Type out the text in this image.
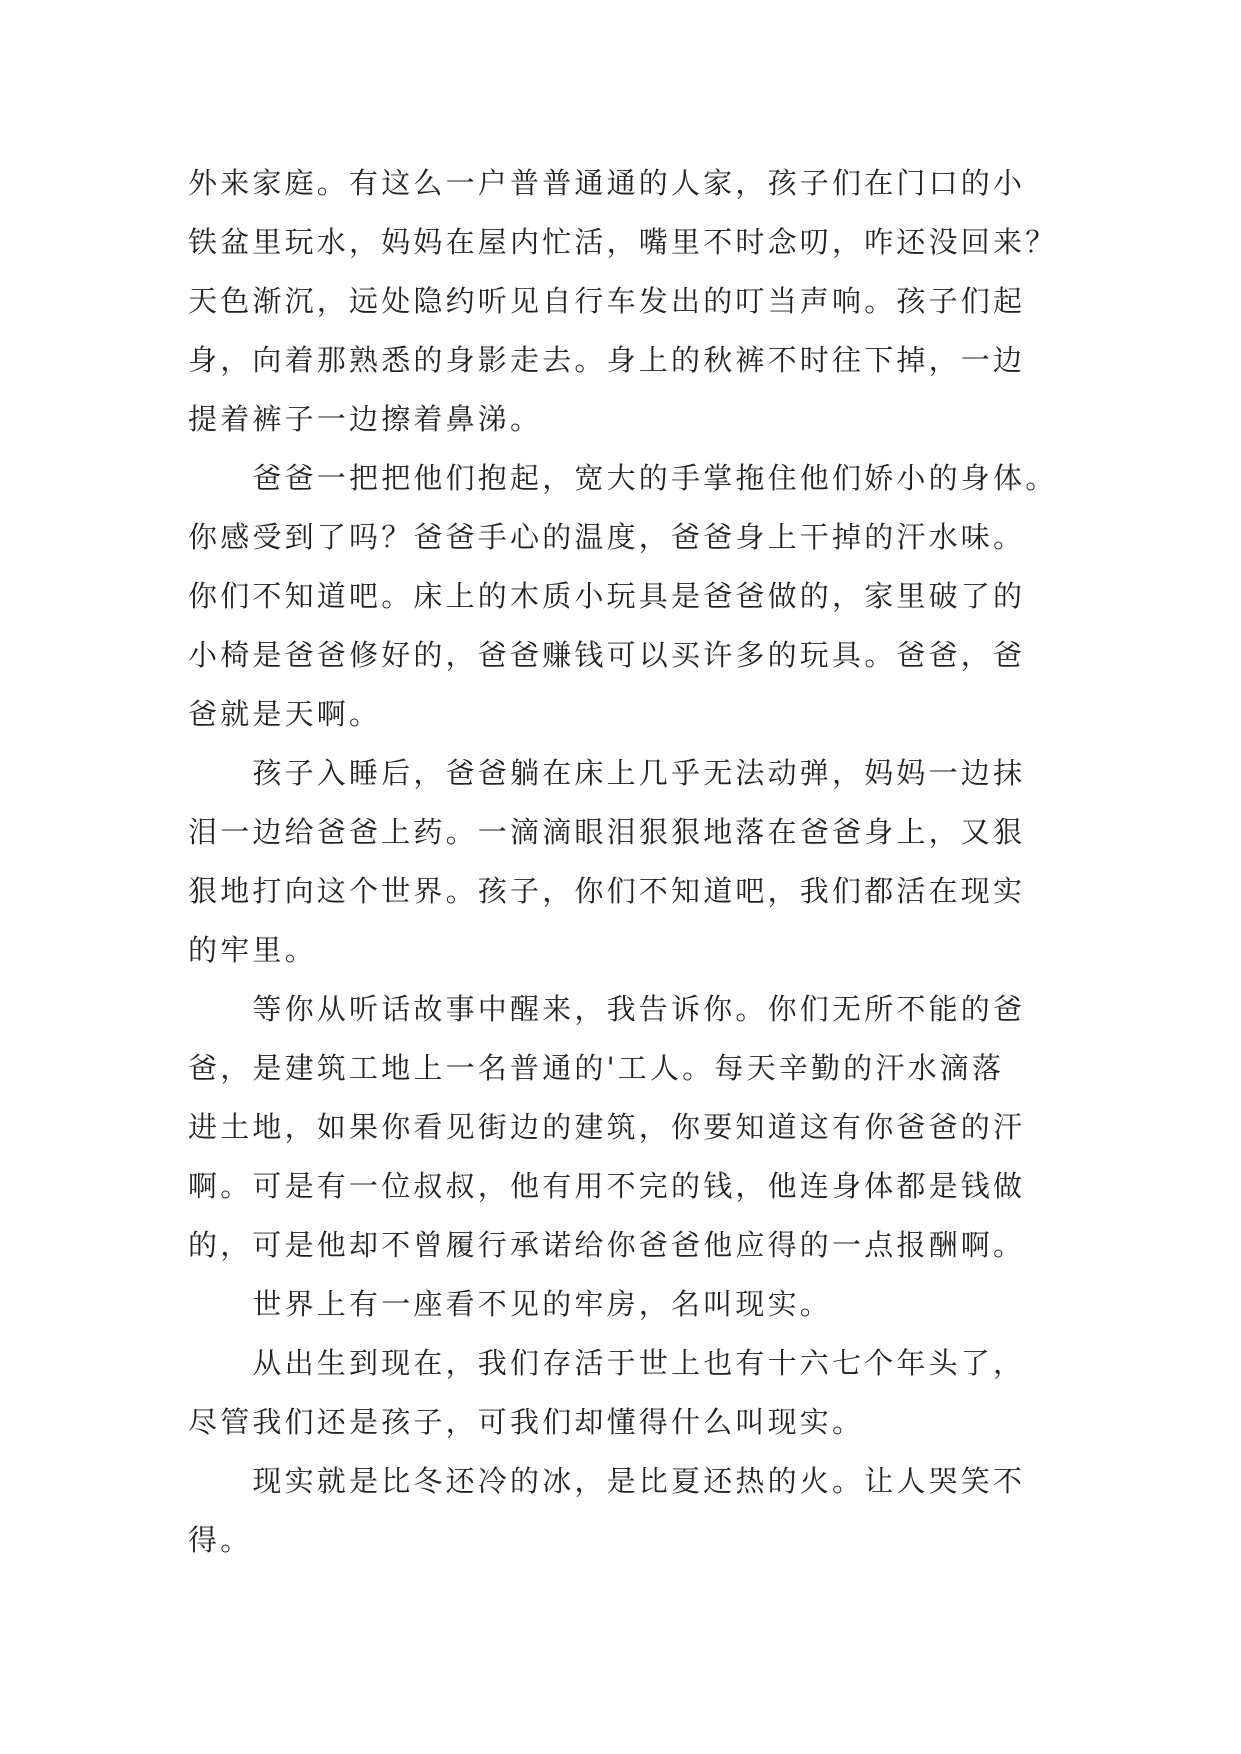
外来家庭。有这么一户普普通通的人家，孩子们在门口的小
铁盆里玩水，妈妈在屋内忙活，嘴里不时念叨，咋还没回来？
天色渐沉，远处隐约听见自行车发出的叮当声响。孩子们起
身，向着那熟悉的身影走去。身上的秋裤不时往下掉，一边
提着裤子一边擦着鼻涕。
　　爸爸一把把他们抱起，宽大的手掌拖住他们娇小的身体。
你感受到了吗？爸爸手心的温度，爸爸身上干掉的汗水味。
你们不知道吧。床上的木质小玩具是爸爸做的，家里破了的
小椅是爸爸修好的，爸爸赚钱可以买许多的玩具。爸爸，爸
爸就是天啊。
　　孩子入睡后，爸爸躺在床上几乎无法动弹，妈妈一边抹
泪一边给爸爸上药。一滴滴眼泪狠狠地落在爸爸身上，又狠
狠地打向这个世界。孩子，你们不知道吧，我们都活在现实
的牢里。
　　等你从听话故事中醒来，我告诉你。你们无所不能的爸
爸，是建筑工地上一名普通的'工人。每天辛勤的汗水滴落
进土地，如果你看见街边的建筑，你要知道这有你爸爸的汗
啊。可是有一位叔叔，他有用不完的钱，他连身体都是钱做
的，可是他却不曾履行承诺给你爸爸他应得的一点报酬啊。
　　世界上有一座看不见的牢房，名叫现实。
　　从出生到现在，我们存活于世上也有十六七个年头了，
尽管我们还是孩子，可我们却懂得什么叫现实。
　　现实就是比冬还冷的冰，是比夏还热的火。让人哭笑不
得。
